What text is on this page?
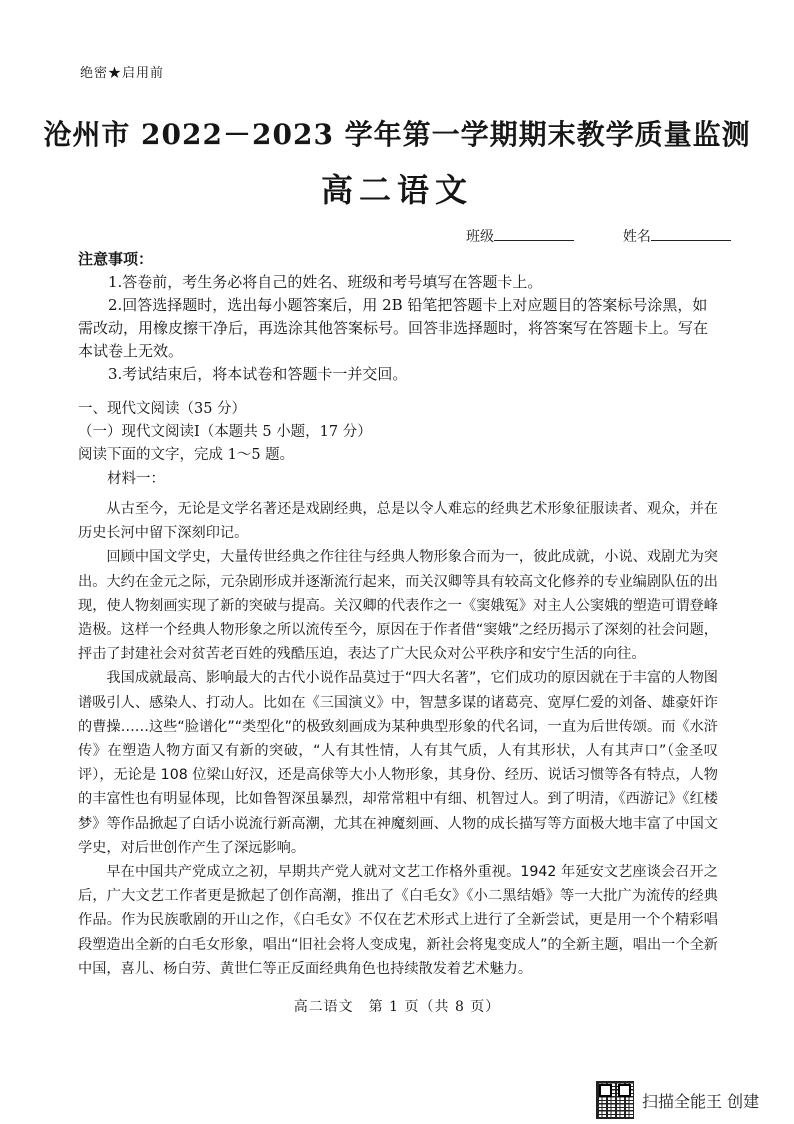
绝密★启用前
沧州市 2022－2023 学年第一学期期末教学质量监测
高二语文
班级	姓名

注意事项：

1.答卷前，考生务必将自己的姓名、班级和考号填写在答题卡上。

2.回答选择题时，选出每小题答案后，用 2B 铅笔把答题卡上对应题目的答案标号涂黑，如需改动，用橡皮擦干净后，再选涂其他答案标号。回答非选择题时，将答案写在答题卡上。写在本试卷上无效。

3.考试结束后，将本试卷和答题卡一并交回。

一、现代文阅读（35 分）
（一）现代文阅读Ⅰ（本题共 5 小题，17 分）
阅读下面的文字，完成 1～5 题。
材料一：

从古至今，无论是文学名著还是戏剧经典，总是以令人难忘的经典艺术形象征服读者、观众，并在历史长河中留下深刻印记。

回顾中国文学史，大量传世经典之作往往与经典人物形象合而为一，彼此成就，小说、戏剧尤为突出。大约在金元之际，元杂剧形成并逐渐流行起来，而关汉卿等具有较高文化修养的专业编剧队伍的出现，使人物刻画实现了新的突破与提高。关汉卿的代表作之一《窦娥冤》对主人公窦娥的塑造可谓登峰造极。这样一个经典人物形象之所以流传至今，原因在于作者借“窦娥”之经历揭示了深刻的社会问题，抨击了封建社会对贫苦老百姓的残酷压迫，表达了广大民众对公平秩序和安宁生活的向往。

我国成就最高、影响最大的古代小说作品莫过于“四大名著”，它们成功的原因就在于丰富的人物图谱吸引人、感染人、打动人。比如在《三国演义》中，智慧多谋的诸葛亮、宽厚仁爱的刘备、雄豪奸诈的曹操……这些“脸谱化”“类型化”的极致刻画成为某种典型形象的代名词，一直为后世传颂。而《水浒传》在塑造人物方面又有新的突破，“人有其性情，人有其气质，人有其形状，人有其声口”（金圣叹评），无论是 108 位梁山好汉，还是高俅等大小人物形象，其身份、经历、说话习惯等各有特点，人物的丰富性也有明显体现，比如鲁智深虽暴烈，却常常粗中有细、机智过人。到了明清，《西游记》《红楼梦》等作品掀起了白话小说流行新高潮，尤其在神魔刻画、人物的成长描写等方面极大地丰富了中国文学史，对后世创作产生了深远影响。

早在中国共产党成立之初，早期共产党人就对文艺工作格外重视。1942 年延安文艺座谈会召开之后，广大文艺工作者更是掀起了创作高潮，推出了《白毛女》《小二黑结婚》等一大批广为流传的经典作品。作为民族歌剧的开山之作，《白毛女》不仅在艺术形式上进行了全新尝试，更是用一个个精彩唱段塑造出全新的白毛女形象，唱出“旧社会将人变成鬼，新社会将鬼变成人”的全新主题，唱出一个全新中国，喜儿、杨白劳、黄世仁等正反面经典角色也持续散发着艺术魅力。

高二语文　第 1 页（共 8 页）
扫描全能王 创建
